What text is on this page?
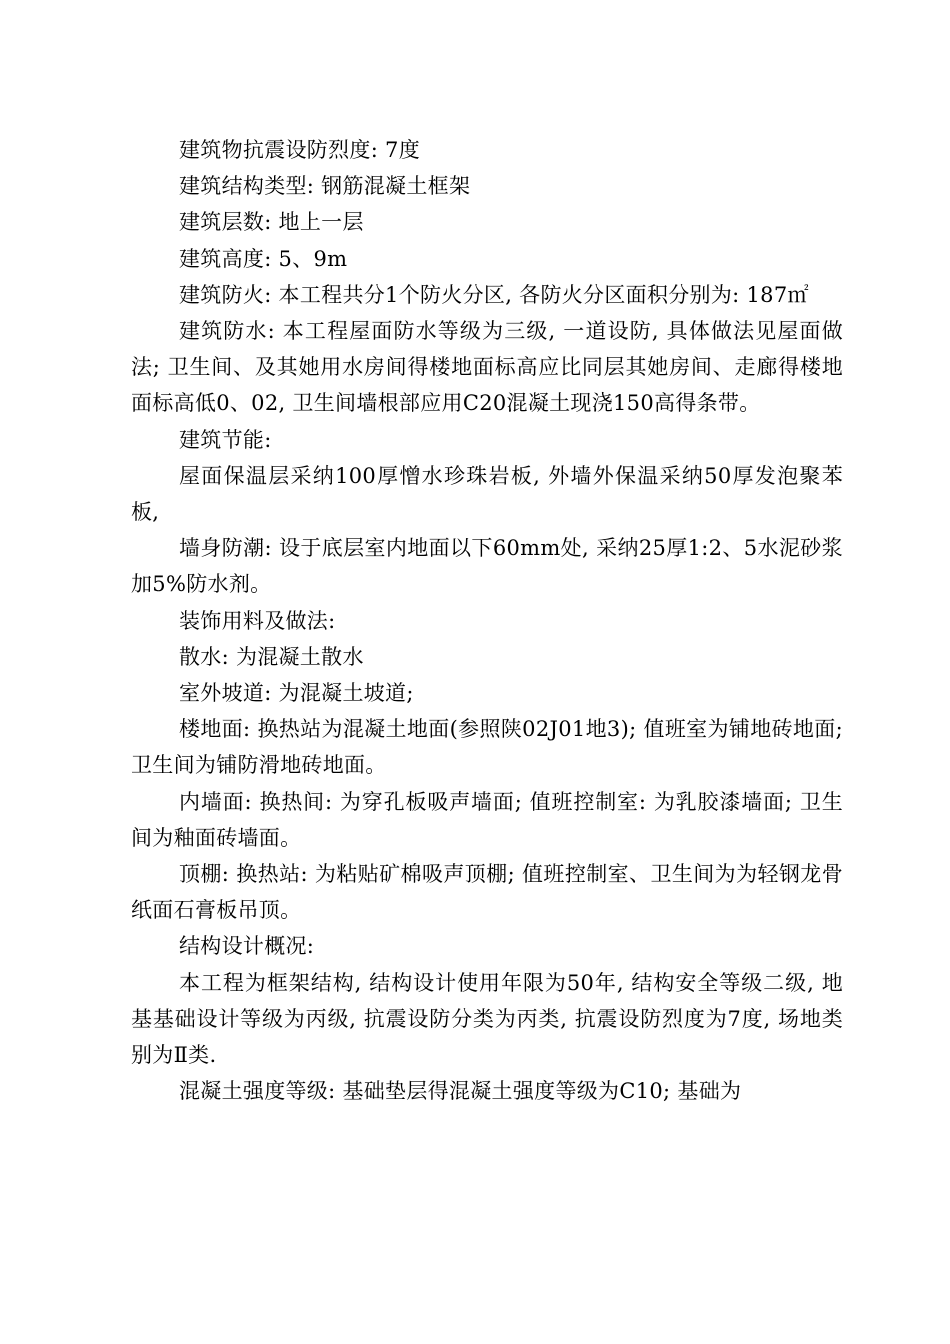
建筑物抗震设防烈度: 7度

建筑结构类型: 钢筋混凝土框架

建筑层数: 地上一层

建筑高度: 5、9m

建筑防火: 本工程共分1个防火分区, 各防火分区面积分别为: 187㎡

建筑防水: 本工程屋面防水等级为三级, 一道设防, 具体做法见屋面做法; 卫生间、及其她用水房间得楼地面标高应比同层其她房间、走廊得楼地面标高低0、02, 卫生间墙根部应用C20混凝土现浇150高得条带。

建筑节能:

屋面保温层采纳100厚憎水珍珠岩板, 外墙外保温采纳50厚发泡聚苯板,

墙身防潮: 设于底层室内地面以下60mm处, 采纳25厚1:2、5水泥砂浆加5%防水剂。

装饰用料及做法:

散水: 为混凝土散水

室外坡道: 为混凝土坡道;

楼地面: 换热站为混凝土地面(参照陕02J01地3); 值班室为铺地砖地面; 卫生间为铺防滑地砖地面。

内墙面: 换热间: 为穿孔板吸声墙面; 值班控制室: 为乳胶漆墙面; 卫生间为釉面砖墙面。

顶棚: 换热站: 为粘贴矿棉吸声顶棚; 值班控制室、卫生间为为轻钢龙骨纸面石膏板吊顶。

结构设计概况:

本工程为框架结构, 结构设计使用年限为50年, 结构安全等级二级, 地基基础设计等级为丙级, 抗震设防分类为丙类, 抗震设防烈度为7度, 场地类别为Ⅱ类.

混凝土强度等级: 基础垫层得混凝土强度等级为C10; 基础为
